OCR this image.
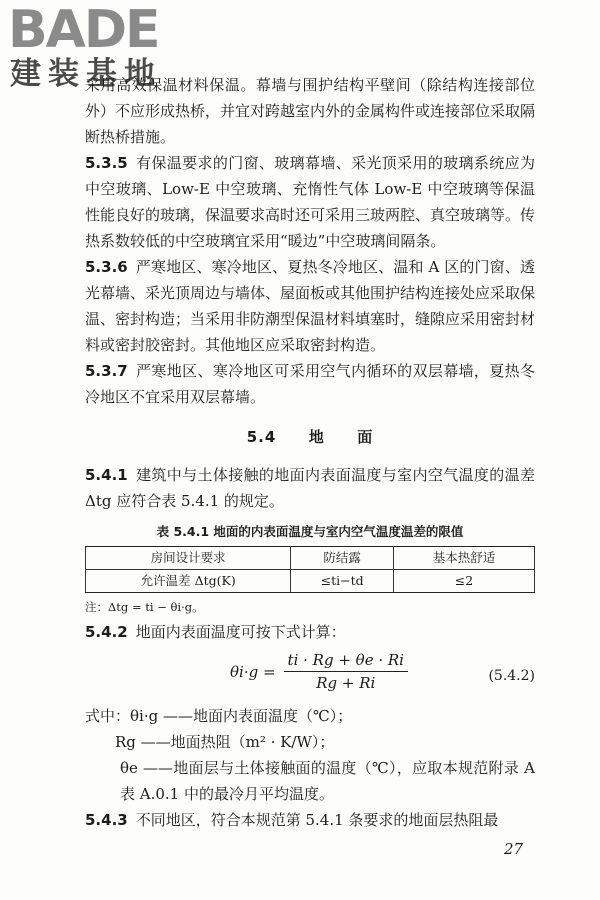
BADE
建装基地

采用高效保温材料保温。幕墙与围护结构平壁间（除结构连接部位外）不应形成热桥，并宜对跨越室内外的金属构件或连接部位采取隔断热桥措施。

5.3.5 有保温要求的门窗、玻璃幕墙、采光顶采用的玻璃系统应为中空玻璃、Low-E 中空玻璃、充惰性气体 Low-E 中空玻璃等保温性能良好的玻璃，保温要求高时还可采用三玻两腔、真空玻璃等。传热系数较低的中空玻璃宜采用“暖边”中空玻璃间隔条。

5.3.6 严寒地区、寒冷地区、夏热冬冷地区、温和 A 区的门窗、透光幕墙、采光顶周边与墙体、屋面板或其他围护结构连接处应采取保温、密封构造；当采用非防潮型保温材料填塞时，缝隙应采用密封材料或密封胶密封。其他地区应采取密封构造。

5.3.7 严寒地区、寒冷地区可采用空气内循环的双层幕墙，夏热冬冷地区不宜采用双层幕墙。

5.4 地 面

5.4.1 建筑中与土体接触的地面内表面温度与室内空气温度的温差 Δtg 应符合表 5.4.1 的规定。

表 5.4.1 地面的内表面温度与室内空气温度温差的限值
房间设计要求	防结露	基本热舒适
允许温差 Δtg(K)	≤ti−td	≤2
注：Δtg = ti − θi·g。

5.4.2 地面内表面温度可按下式计算：

$\theta i\cdot g = \frac{ti \cdot Rg + \theta e \cdot Ri}{Rg + Ri}$	(5.4.2)

式中：θi·g ——地面内表面温度（℃）；

Rg ——地面热阻（m² · K/W）；

θe ——地面层与土体接触面的温度（℃），应取本规范附录 A 表 A.0.1 中的最冷月平均温度。

5.4.3 不同地区，符合本规范第 5.4.1 条要求的地面层热阻最

27
